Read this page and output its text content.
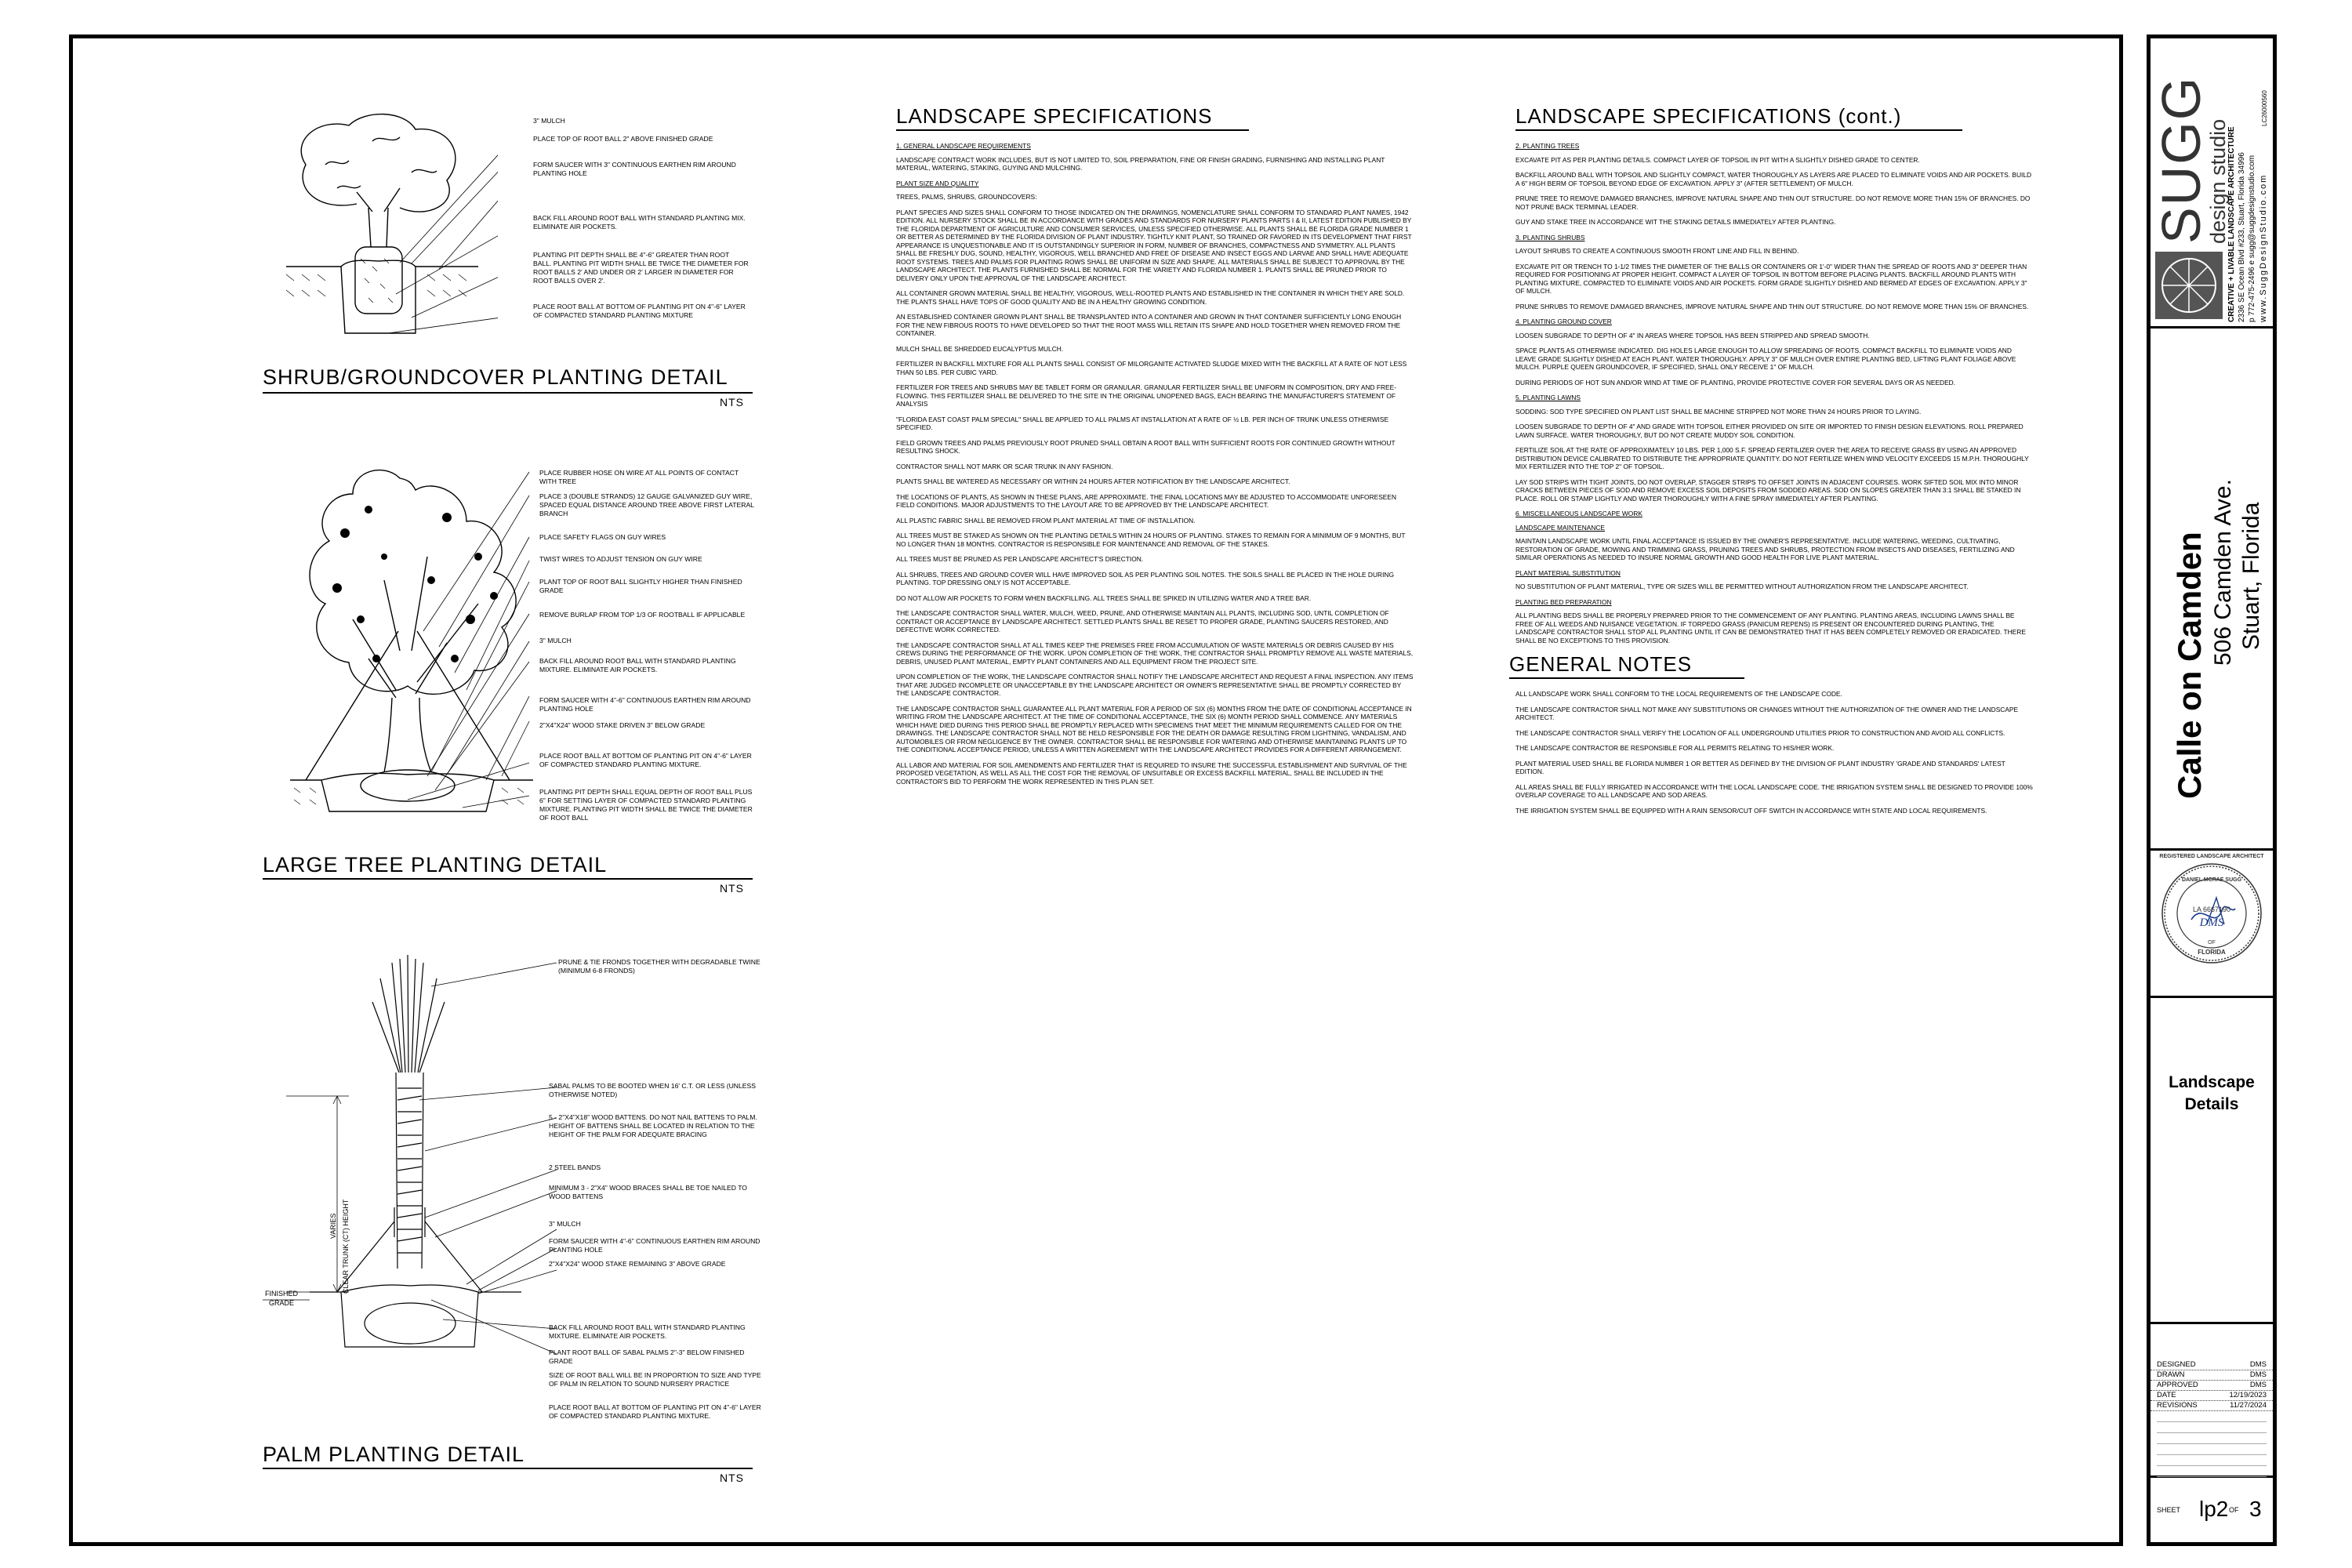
3" MULCH
PLACE TOP OF ROOT BALL 2" ABOVE FINISHED GRADE
FORM SAUCER WITH 3" CONTINUOUS EARTHEN RIM AROUND PLANTING HOLE
BACK FILL AROUND ROOT BALL WITH STANDARD PLANTING MIX. ELIMINATE AIR POCKETS.
PLANTING PIT DEPTH SHALL BE 4"-6" GREATER THAN ROOT BALL. PLANTING PIT WIDTH SHALL BE TWICE THE DIAMETER FOR ROOT BALLS 2' AND UNDER OR 2' LARGER IN DIAMETER FOR ROOT BALLS OVER 2'.
PLACE ROOT BALL AT BOTTOM OF PLANTING PIT ON 4"-6" LAYER OF COMPACTED STANDARD PLANTING MIXTURE
SHRUB/GROUNDCOVER PLANTING DETAIL
NTS
PLACE RUBBER HOSE ON WIRE AT ALL POINTS OF CONTACT WITH TREE
PLACE 3 (DOUBLE STRANDS) 12 GAUGE GALVANIZED GUY WIRE, SPACED EQUAL DISTANCE AROUND TREE ABOVE FIRST LATERAL BRANCH
PLACE SAFETY FLAGS ON GUY WIRES
TWIST WIRES TO ADJUST TENSION ON GUY WIRE
PLANT TOP OF ROOT BALL SLIGHTLY HIGHER THAN FINISHED GRADE
REMOVE BURLAP FROM TOP 1/3 OF ROOTBALL IF APPLICABLE
3" MULCH
BACK FILL AROUND ROOT BALL WITH STANDARD PLANTING MIXTURE. ELIMINATE AIR POCKETS.
FORM SAUCER WITH 4"-6" CONTINUOUS EARTHEN RIM AROUND PLANTING HOLE
2"X4"X24" WOOD STAKE DRIVEN 3" BELOW GRADE
PLACE ROOT BALL AT BOTTOM OF PLANTING PIT ON 4"-6" LAYER OF COMPACTED STANDARD PLANTING MIXTURE.
PLANTING PIT DEPTH SHALL EQUAL DEPTH OF ROOT BALL PLUS 6" FOR SETTING LAYER OF COMPACTED STANDARD PLANTING MIXTURE. PLANTING PIT WIDTH SHALL BE TWICE THE DIAMETER OF ROOT BALL
LARGE TREE PLANTING DETAIL
NTS
VARIES CLEAR TRUNK (CT) HEIGHT
FINISHED
GRADE
PRUNE & TIE FRONDS TOGETHER WITH DEGRADABLE TWINE (MINIMUM 6-8 FRONDS)
SABAL PALMS TO BE BOOTED WHEN 16' C.T. OR LESS (UNLESS OTHERWISE NOTED)
5 - 2"X4"X18" WOOD BATTENS. DO NOT NAIL BATTENS TO PALM. HEIGHT OF BATTENS SHALL BE LOCATED IN RELATION TO THE HEIGHT OF THE PALM FOR ADEQUATE BRACING
2 STEEL BANDS
MINIMUM 3 - 2"X4" WOOD BRACES SHALL BE TOE NAILED TO WOOD BATTENS
3" MULCH
FORM SAUCER WITH 4"-6" CONTINUOUS EARTHEN RIM AROUND PLANTING HOLE
2"X4"X24" WOOD STAKE REMAINING 3" ABOVE GRADE
BACK FILL AROUND ROOT BALL WITH STANDARD PLANTING MIXTURE. ELIMINATE AIR POCKETS.
PLANT ROOT BALL OF SABAL PALMS 2"-3" BELOW FINISHED GRADE
SIZE OF ROOT BALL WILL BE IN PROPORTION TO SIZE AND TYPE OF PALM IN RELATION TO SOUND NURSERY PRACTICE
PLACE ROOT BALL AT BOTTOM OF PLANTING PIT ON 4"-6" LAYER OF COMPACTED STANDARD PLANTING MIXTURE.
PALM PLANTING DETAIL
NTS
LANDSCAPE SPECIFICATIONS

1. GENERAL LANDSCAPE REQUIREMENTS

LANDSCAPE CONTRACT WORK INCLUDES, BUT IS NOT LIMITED TO, SOIL PREPARATION, FINE OR FINISH GRADING, FURNISHING AND INSTALLING PLANT MATERIAL, WATERING, STAKING, GUYING AND MULCHING.

PLANT SIZE AND QUALITY

TREES, PALMS, SHRUBS, GROUNDCOVERS:

PLANT SPECIES AND SIZES SHALL CONFORM TO THOSE INDICATED ON THE DRAWINGS, NOMENCLATURE SHALL CONFORM TO STANDARD PLANT NAMES, 1942 EDITION. ALL NURSERY STOCK SHALL BE IN ACCORDANCE WITH GRADES AND STANDARDS FOR NURSERY PLANTS PARTS I & II, LATEST EDITION PUBLISHED BY THE FLORIDA DEPARTMENT OF AGRICULTURE AND CONSUMER SERVICES, UNLESS SPECIFIED OTHERWISE. ALL PLANTS SHALL BE FLORIDA GRADE NUMBER 1 OR BETTER AS DETERMINED BY THE FLORIDA DIVISION OF PLANT INDUSTRY. TIGHTLY KNIT PLANT, SO TRAINED OR FAVORED IN ITS DEVELOPMENT THAT FIRST APPEARANCE IS UNQUESTIONABLE AND IT IS OUTSTANDINGLY SUPERIOR IN FORM, NUMBER OF BRANCHES, COMPACTNESS AND SYMMETRY. ALL PLANTS SHALL BE FRESHLY DUG, SOUND, HEALTHY, VIGOROUS, WELL BRANCHED AND FREE OF DISEASE AND INSECT EGGS AND LARVAE AND SHALL HAVE ADEQUATE ROOT SYSTEMS. TREES AND PALMS FOR PLANTING ROWS SHALL BE UNIFORM IN SIZE AND SHAPE. ALL MATERIALS SHALL BE SUBJECT TO APPROVAL BY THE LANDSCAPE ARCHITECT. THE PLANTS FURNISHED SHALL BE NORMAL FOR THE VARIETY AND FLORIDA NUMBER 1. PLANTS SHALL BE PRUNED PRIOR TO DELIVERY ONLY UPON THE APPROVAL OF THE LANDSCAPE ARCHITECT.

ALL CONTAINER GROWN MATERIAL SHALL BE HEALTHY, VIGOROUS, WELL-ROOTED PLANTS AND ESTABLISHED IN THE CONTAINER IN WHICH THEY ARE SOLD. THE PLANTS SHALL HAVE TOPS OF GOOD QUALITY AND BE IN A HEALTHY GROWING CONDITION.

AN ESTABLISHED CONTAINER GROWN PLANT SHALL BE TRANSPLANTED INTO A CONTAINER AND GROWN IN THAT CONTAINER SUFFICIENTLY LONG ENOUGH FOR THE NEW FIBROUS ROOTS TO HAVE DEVELOPED SO THAT THE ROOT MASS WILL RETAIN ITS SHAPE AND HOLD TOGETHER WHEN REMOVED FROM THE CONTAINER.

MULCH SHALL BE SHREDDED EUCALYPTUS MULCH.

FERTILIZER IN BACKFILL MIXTURE FOR ALL PLANTS SHALL CONSIST OF MILORGANITE ACTIVATED SLUDGE MIXED WITH THE BACKFILL AT A RATE OF NOT LESS THAN 50 LBS. PER CUBIC YARD.

FERTILIZER FOR TREES AND SHRUBS MAY BE TABLET FORM OR GRANULAR. GRANULAR FERTILIZER SHALL BE UNIFORM IN COMPOSITION, DRY AND FREE-FLOWING. THIS FERTILIZER SHALL BE DELIVERED TO THE SITE IN THE ORIGINAL UNOPENED BAGS, EACH BEARING THE MANUFACTURER'S STATEMENT OF ANALYSIS

"FLORIDA EAST COAST PALM SPECIAL" SHALL BE APPLIED TO ALL PALMS AT INSTALLATION AT A RATE OF ½ LB. PER INCH OF TRUNK UNLESS OTHERWISE SPECIFIED.

FIELD GROWN TREES AND PALMS PREVIOUSLY ROOT PRUNED SHALL OBTAIN A ROOT BALL WITH SUFFICIENT ROOTS FOR CONTINUED GROWTH WITHOUT RESULTING SHOCK.

CONTRACTOR SHALL NOT MARK OR SCAR TRUNK IN ANY FASHION.

PLANTS SHALL BE WATERED AS NECESSARY OR WITHIN 24 HOURS AFTER NOTIFICATION BY THE LANDSCAPE ARCHITECT.

THE LOCATIONS OF PLANTS, AS SHOWN IN THESE PLANS, ARE APPROXIMATE. THE FINAL LOCATIONS MAY BE ADJUSTED TO ACCOMMODATE UNFORESEEN FIELD CONDITIONS. MAJOR ADJUSTMENTS TO THE LAYOUT ARE TO BE APPROVED BY THE LANDSCAPE ARCHITECT.

ALL PLASTIC FABRIC SHALL BE REMOVED FROM PLANT MATERIAL AT TIME OF INSTALLATION.

ALL TREES MUST BE STAKED AS SHOWN ON THE PLANTING DETAILS WITHIN 24 HOURS OF PLANTING. STAKES TO REMAIN FOR A MINIMUM OF 9 MONTHS, BUT NO LONGER THAN 18 MONTHS. CONTRACTOR IS RESPONSIBLE FOR MAINTENANCE AND REMOVAL OF THE STAKES.

ALL TREES MUST BE PRUNED AS PER LANDSCAPE ARCHITECT'S DIRECTION.

ALL SHRUBS, TREES AND GROUND COVER WILL HAVE IMPROVED SOIL AS PER PLANTING SOIL NOTES. THE SOILS SHALL BE PLACED IN THE HOLE DURING PLANTING. TOP DRESSING ONLY IS NOT ACCEPTABLE.

DO NOT ALLOW AIR POCKETS TO FORM WHEN BACKFILLING. ALL TREES SHALL BE SPIKED IN UTILIZING WATER AND A TREE BAR.

THE LANDSCAPE CONTRACTOR SHALL WATER, MULCH, WEED, PRUNE, AND OTHERWISE MAINTAIN ALL PLANTS, INCLUDING SOD, UNTIL COMPLETION OF CONTRACT OR ACCEPTANCE BY LANDSCAPE ARCHITECT. SETTLED PLANTS SHALL BE RESET TO PROPER GRADE, PLANTING SAUCERS RESTORED, AND DEFECTIVE WORK CORRECTED.

THE LANDSCAPE CONTRACTOR SHALL AT ALL TIMES KEEP THE PREMISES FREE FROM ACCUMULATION OF WASTE MATERIALS OR DEBRIS CAUSED BY HIS CREWS DURING THE PERFORMANCE OF THE WORK. UPON COMPLETION OF THE WORK, THE CONTRACTOR SHALL PROMPTLY REMOVE ALL WASTE MATERIALS, DEBRIS, UNUSED PLANT MATERIAL, EMPTY PLANT CONTAINERS AND ALL EQUIPMENT FROM THE PROJECT SITE.

UPON COMPLETION OF THE WORK, THE LANDSCAPE CONTRACTOR SHALL NOTIFY THE LANDSCAPE ARCHITECT AND REQUEST A FINAL INSPECTION. ANY ITEMS THAT ARE JUDGED INCOMPLETE OR UNACCEPTABLE BY THE LANDSCAPE ARCHITECT OR OWNER'S REPRESENTATIVE SHALL BE PROMPTLY CORRECTED BY THE LANDSCAPE CONTRACTOR.

THE LANDSCAPE CONTRACTOR SHALL GUARANTEE ALL PLANT MATERIAL FOR A PERIOD OF SIX (6) MONTHS FROM THE DATE OF CONDITIONAL ACCEPTANCE IN WRITING FROM THE LANDSCAPE ARCHITECT. AT THE TIME OF CONDITIONAL ACCEPTANCE, THE SIX (6) MONTH PERIOD SHALL COMMENCE. ANY MATERIALS WHICH HAVE DIED DURING THIS PERIOD SHALL BE PROMPTLY REPLACED WITH SPECIMENS THAT MEET THE MINIMUM REQUIREMENTS CALLED FOR ON THE DRAWINGS. THE LANDSCAPE CONTRACTOR SHALL NOT BE HELD RESPONSIBLE FOR THE DEATH OR DAMAGE RESULTING FROM LIGHTNING, VANDALISM, AND AUTOMOBILES OR FROM NEGLIGENCE BY THE OWNER. CONTRACTOR SHALL BE RESPONSIBLE FOR WATERING AND OTHERWISE MAINTAINING PLANTS UP TO THE CONDITIONAL ACCEPTANCE PERIOD, UNLESS A WRITTEN AGREEMENT WITH THE LANDSCAPE ARCHITECT PROVIDES FOR A DIFFERENT ARRANGEMENT.

ALL LABOR AND MATERIAL FOR SOIL AMENDMENTS AND FERTILIZER THAT IS REQUIRED TO INSURE THE SUCCESSFUL ESTABLISHMENT AND SURVIVAL OF THE PROPOSED VEGETATION, AS WELL AS ALL THE COST FOR THE REMOVAL OF UNSUITABLE OR EXCESS BACKFILL MATERIAL, SHALL BE INCLUDED IN THE CONTRACTOR'S BID TO PERFORM THE WORK REPRESENTED IN THIS PLAN SET.

LANDSCAPE SPECIFICATIONS (cont.)

2. PLANTING TREES

EXCAVATE PIT AS PER PLANTING DETAILS. COMPACT LAYER OF TOPSOIL IN PIT WITH A SLIGHTLY DISHED GRADE TO CENTER.

BACKFILL AROUND BALL WITH TOPSOIL AND SLIGHTLY COMPACT, WATER THOROUGHLY AS LAYERS ARE PLACED TO ELIMINATE VOIDS AND AIR POCKETS. BUILD A 6" HIGH BERM OF TOPSOIL BEYOND EDGE OF EXCAVATION. APPLY 3" (AFTER SETTLEMENT) OF MULCH.

PRUNE TREE TO REMOVE DAMAGED BRANCHES, IMPROVE NATURAL SHAPE AND THIN OUT STRUCTURE. DO NOT REMOVE MORE THAN 15% OF BRANCHES. DO NOT PRUNE BACK TERMINAL LEADER.

GUY AND STAKE TREE IN ACCORDANCE WIT THE STAKING DETAILS IMMEDIATELY AFTER PLANTING.

3. PLANTING SHRUBS

LAYOUT SHRUBS TO CREATE A CONTINUOUS SMOOTH FRONT LINE AND FILL IN BEHIND.

EXCAVATE PIT OR TRENCH TO 1-1/2 TIMES THE DIAMETER OF THE BALLS OR CONTAINERS OR 1'-0" WIDER THAN THE SPREAD OF ROOTS AND 3" DEEPER THAN REQUIRED FOR POSITIONING AT PROPER HEIGHT. COMPACT A LAYER OF TOPSOIL IN BOTTOM BEFORE PLACING PLANTS. BACKFILL AROUND PLANTS WITH PLANTING MIXTURE, COMPACTED TO ELIMINATE VOIDS AND AIR POCKETS. FORM GRADE SLIGHTLY DISHED AND BERMED AT EDGES OF EXCAVATION. APPLY 3" OF MULCH.

PRUNE SHRUBS TO REMOVE DAMAGED BRANCHES, IMPROVE NATURAL SHAPE AND THIN OUT STRUCTURE. DO NOT REMOVE MORE THAN 15% OF BRANCHES.

4. PLANTING GROUND COVER

LOOSEN SUBGRADE TO DEPTH OF 4" IN AREAS WHERE TOPSOIL HAS BEEN STRIPPED AND SPREAD SMOOTH.

SPACE PLANTS AS OTHERWISE INDICATED. DIG HOLES LARGE ENOUGH TO ALLOW SPREADING OF ROOTS. COMPACT BACKFILL TO ELIMINATE VOIDS AND LEAVE GRADE SLIGHTLY DISHED AT EACH PLANT. WATER THOROUGHLY. APPLY 3" OF MULCH OVER ENTIRE PLANTING BED, LIFTING PLANT FOLIAGE ABOVE MULCH. PURPLE QUEEN GROUNDCOVER, IF SPECIFIED, SHALL ONLY RECEIVE 1" OF MULCH.

DURING PERIODS OF HOT SUN AND/OR WIND AT TIME OF PLANTING, PROVIDE PROTECTIVE COVER FOR SEVERAL DAYS OR AS NEEDED.

5. PLANTING LAWNS

SODDING: SOD TYPE SPECIFIED ON PLANT LIST SHALL BE MACHINE STRIPPED NOT MORE THAN 24 HOURS PRIOR TO LAYING.

LOOSEN SUBGRADE TO DEPTH OF 4" AND GRADE WITH TOPSOIL EITHER PROVIDED ON SITE OR IMPORTED TO FINISH DESIGN ELEVATIONS. ROLL PREPARED LAWN SURFACE. WATER THOROUGHLY, BUT DO NOT CREATE MUDDY SOIL CONDITION.

FERTILIZE SOIL AT THE RATE OF APPROXIMATELY 10 LBS. PER 1,000 S.F. SPREAD FERTILIZER OVER THE AREA TO RECEIVE GRASS BY USING AN APPROVED DISTRIBUTION DEVICE CALIBRATED TO DISTRIBUTE THE APPROPRIATE QUANTITY. DO NOT FERTILIZE WHEN WIND VELOCITY EXCEEDS 15 M.P.H. THOROUGHLY MIX FERTILIZER INTO THE TOP 2" OF TOPSOIL.

LAY SOD STRIPS WITH TIGHT JOINTS, DO NOT OVERLAP, STAGGER STRIPS TO OFFSET JOINTS IN ADJACENT COURSES. WORK SIFTED SOIL MIX INTO MINOR CRACKS BETWEEN PIECES OF SOD AND REMOVE EXCESS SOIL DEPOSITS FROM SODDED AREAS. SOD ON SLOPES GREATER THAN 3:1 SHALL BE STAKED IN PLACE. ROLL OR STAMP LIGHTLY AND WATER THOROUGHLY WITH A FINE SPRAY IMMEDIATELY AFTER PLANTING.

6. MISCELLANEOUS LANDSCAPE WORK

LANDSCAPE MAINTENANCE

MAINTAIN LANDSCAPE WORK UNTIL FINAL ACCEPTANCE IS ISSUED BY THE OWNER'S REPRESENTATIVE. INCLUDE WATERING, WEEDING, CULTIVATING, RESTORATION OF GRADE, MOWING AND TRIMMING GRASS, PRUNING TREES AND SHRUBS, PROTECTION FROM INSECTS AND DISEASES, FERTILIZING AND SIMILAR OPERATIONS AS NEEDED TO INSURE NORMAL GROWTH AND GOOD HEALTH FOR LIVE PLANT MATERIAL.

PLANT MATERIAL SUBSTITUTION

NO SUBSTITUTION OF PLANT MATERIAL, TYPE OR SIZES WILL BE PERMITTED WITHOUT AUTHORIZATION FROM THE LANDSCAPE ARCHITECT.

PLANTING BED PREPARATION

ALL PLANTING BEDS SHALL BE PROPERLY PREPARED PRIOR TO THE COMMENCEMENT OF ANY PLANTING. PLANTING AREAS, INCLUDING LAWNS SHALL BE FREE OF ALL WEEDS AND NUISANCE VEGETATION. IF TORPEDO GRASS (PANICUM REPENS) IS PRESENT OR ENCOUNTERED DURING PLANTING, THE LANDSCAPE CONTRACTOR SHALL STOP ALL PLANTING UNTIL IT CAN BE DEMONSTRATED THAT IT HAS BEEN COMPLETELY REMOVED OR ERADICATED. THERE SHALL BE NO EXCEPTIONS TO THIS PROVISION.

GENERAL NOTES

ALL LANDSCAPE WORK SHALL CONFORM TO THE LOCAL REQUIREMENTS OF THE LANDSCAPE CODE.

THE LANDSCAPE CONTRACTOR SHALL NOT MAKE ANY SUBSTITUTIONS OR CHANGES WITHOUT THE AUTHORIZATION OF THE OWNER AND THE LANDSCAPE ARCHITECT.

THE LANDSCAPE CONTRACTOR SHALL VERIFY THE LOCATION OF ALL UNDERGROUND UTILITIES PRIOR TO CONSTRUCTION AND AVOID ALL CONFLICTS.

THE LANDSCAPE CONTRACTOR BE RESPONSIBLE FOR ALL PERMITS RELATING TO HIS/HER WORK.

PLANT MATERIAL USED SHALL BE FLORIDA NUMBER 1 OR BETTER AS DEFINED BY THE DIVISION OF PLANT INDUSTRY 'GRADE AND STANDARDS' LATEST EDITION.

ALL AREAS SHALL BE FULLY IRRIGATED IN ACCORDANCE WITH THE LOCAL LANDSCAPE CODE. THE IRRIGATION SYSTEM SHALL BE DESIGNED TO PROVIDE 100% OVERLAP COVERAGE TO ALL LANDSCAPE AND SOD AREAS.

THE IRRIGATION SYSTEM SHALL BE EQUIPPED WITH A RAIN SENSOR/CUT OFF SWITCH IN ACCORDANCE WITH STATE AND LOCAL REQUIREMENTS.

SUGG
design studio
CREATIVE + LIVABLE LANDSCAPE ARCHITECTURE 2336 SE Ocean Blvd #233, Stuart, Florida 34996 p 772-475-2496 e sugg@suggdesignstudio.com www.SuggDesignStudio.com
LC26000560
Calle on Camden 506 Camden Ave. Stuart, Florida
REGISTERED LANDSCAPE ARCHITECT
DANIEL MCRAE SUGG
LA 6667190
DMS
OF
FLORIDA
Landscape
Details
DESIGNED	DMS
DRAWN	DMS
APPROVED	DMS
DATE	12/19/2023
REVISIONS	11/27/2024
SHEET lp2 OF 3
